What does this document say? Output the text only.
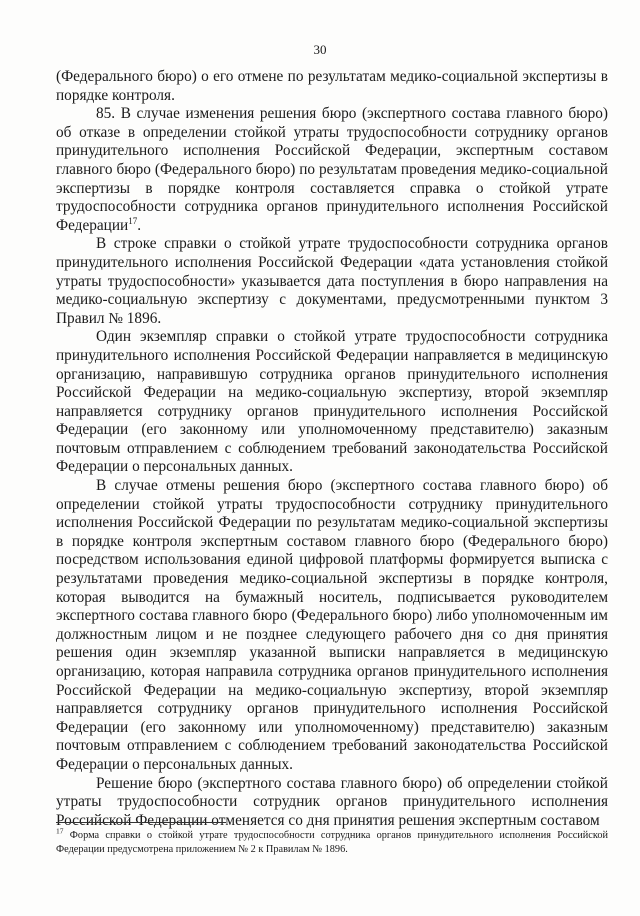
30

(Федерального бюро) о его отмене по результатам медико-социальной экспертизы в порядке контроля.

85. В случае изменения решения бюро (экспертного состава главного бюро) об отказе в определении стойкой утраты трудоспособности сотруднику органов принудительного исполнения Российской Федерации, экспертным составом главного бюро (Федерального бюро) по результатам проведения медико-социальной экспертизы в порядке контроля составляется справка о стойкой утрате трудоспособности сотрудника органов принудительного исполнения Российской Федерации$^{17}$.

В строке справки о стойкой утрате трудоспособности сотрудника органов принудительного исполнения Российской Федерации «дата установления стойкой утраты трудоспособности» указывается дата поступления в бюро направления на медико-социальную экспертизу с документами, предусмотренными пунктом 3 Правил № 1896.

Один экземпляр справки о стойкой утрате трудоспособности сотрудника принудительного исполнения Российской Федерации направляется в медицинскую организацию, направившую сотрудника органов принудительного исполнения Российской Федерации на медико-социальную экспертизу, второй экземпляр направляется сотруднику органов принудительного исполнения Российской Федерации (его законному или уполномоченному представителю) заказным почтовым отправлением с соблюдением требований законодательства Российской Федерации о персональных данных.

В случае отмены решения бюро (экспертного состава главного бюро) об определении стойкой утраты трудоспособности сотруднику принудительного исполнения Российской Федерации по результатам медико-социальной экспертизы в порядке контроля экспертным составом главного бюро (Федерального бюро) посредством использования единой цифровой платформы формируется выписка с результатами проведения медико-социальной экспертизы в порядке контроля, которая выводится на бумажный носитель, подписывается руководителем экспертного состава главного бюро (Федерального бюро) либо уполномоченным им должностным лицом и не позднее следующего рабочего дня со дня принятия решения один экземпляр указанной выписки направляется в медицинскую организацию, которая направила сотрудника органов принудительного исполнения Российской Федерации на медико-социальную экспертизу, второй экземпляр направляется сотруднику органов принудительного исполнения Российской Федерации (его законному или уполномоченному) представителю) заказным почтовым отправлением с соблюдением требований законодательства Российской Федерации о персональных данных.

Решение бюро (экспертного состава главного бюро) об определении стойкой утраты трудоспособности сотрудник органов принудительного исполнения Российской Федерации отменяется со дня принятия решения экспертным составом

$^{17}$ Форма справки о стойкой утрате трудоспособности сотрудника органов принудительного исполнения Российской Федерации предусмотрена приложением № 2 к Правилам № 1896.
